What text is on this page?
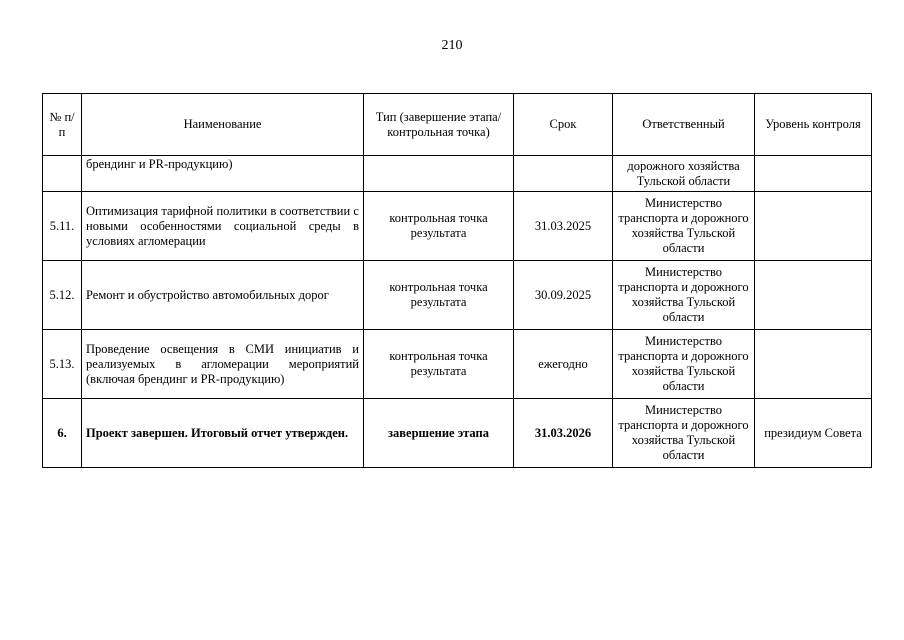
210
№ п/п	Наименование	Тип (завершение этапа/контрольная точка)	Срок	Ответственный	Уровень контроля
	брендинг и PR-продукцию)			дорожного хозяйства Тульской области	
5.11.	Оптимизация тарифной политики в соответствии с новыми особенностями социальной среды в условиях агломерации	контрольная точка результата	31.03.2025	Министерство транспорта и дорожного хозяйства Тульской области	
5.12.	Ремонт и обустройство автомобильных дорог	контрольная точка результата	30.09.2025	Министерство транспорта и дорожного хозяйства Тульской области	
5.13.	Проведение освещения в СМИ инициатив и реализуемых в агломерации мероприятий (включая брендинг и PR-продукцию)	контрольная точка результата	ежегодно	Министерство транспорта и дорожного хозяйства Тульской области	
6.	Проект завершен. Итоговый отчет утвержден.	завершение этапа	31.03.2026	Министерство транспорта и дорожного хозяйства Тульской области	президиум Совета
